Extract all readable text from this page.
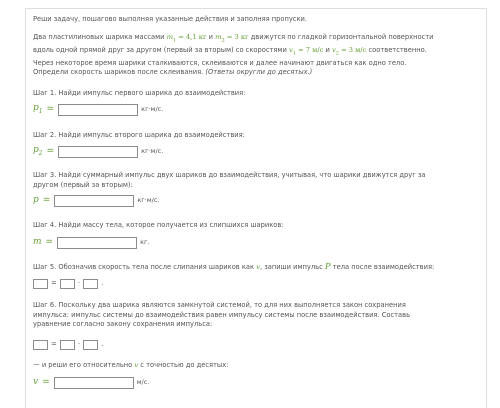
Реши задачу, пошагово выполняя указанные действия и заполняя пропуски.
Два пластилиновых шарика массами $m_1 = 4,1$ кг и $m_2 = 3$ кг движутся по гладкой горизонтальной поверхности вдоль одной прямой друг за другом (первый за вторым) со скоростями $v_1 = 7$ м/с и $v_2 = 3$ м/с соответственно. Через некоторое время шарики сталкиваются, склеиваются и далее начинают двигаться как одно тело. Определи скорость шариков после склеивания. (Ответы округли до десятых.)
Шаг 1. Найди импульс первого шарика до взаимодействия:
$p_1$ =	кг·м/с.
Шаг 2. Найди импульс второго шарика до взаимодействия:
$p_2$ =	кг·м/с.
Шаг 3. Найди суммарный импульс двух шариков до взаимодействия, учитывая, что шарики движутся друг за другом (первый за вторым):
p =	кг·м/с.
Шаг 4. Найди массу тела, которое получается из слипшихся шариков:
m =	кг.
Шаг 5. Обозначив скорость тела после слипания шариков как v, запиши импульс P тела после взаимодействия:
=	·	.
Шаг 6. Поскольку два шарика являются замкнутой системой, то для них выполняется закон сохранения импульса: импульс системы до взаимодействия равен импульсу системы после взаимодействия. Составь уравнение согласно закону сохранения импульса:
=	·	.
— и реши его относительно v с точностью до десятых:
v =	м/с.
